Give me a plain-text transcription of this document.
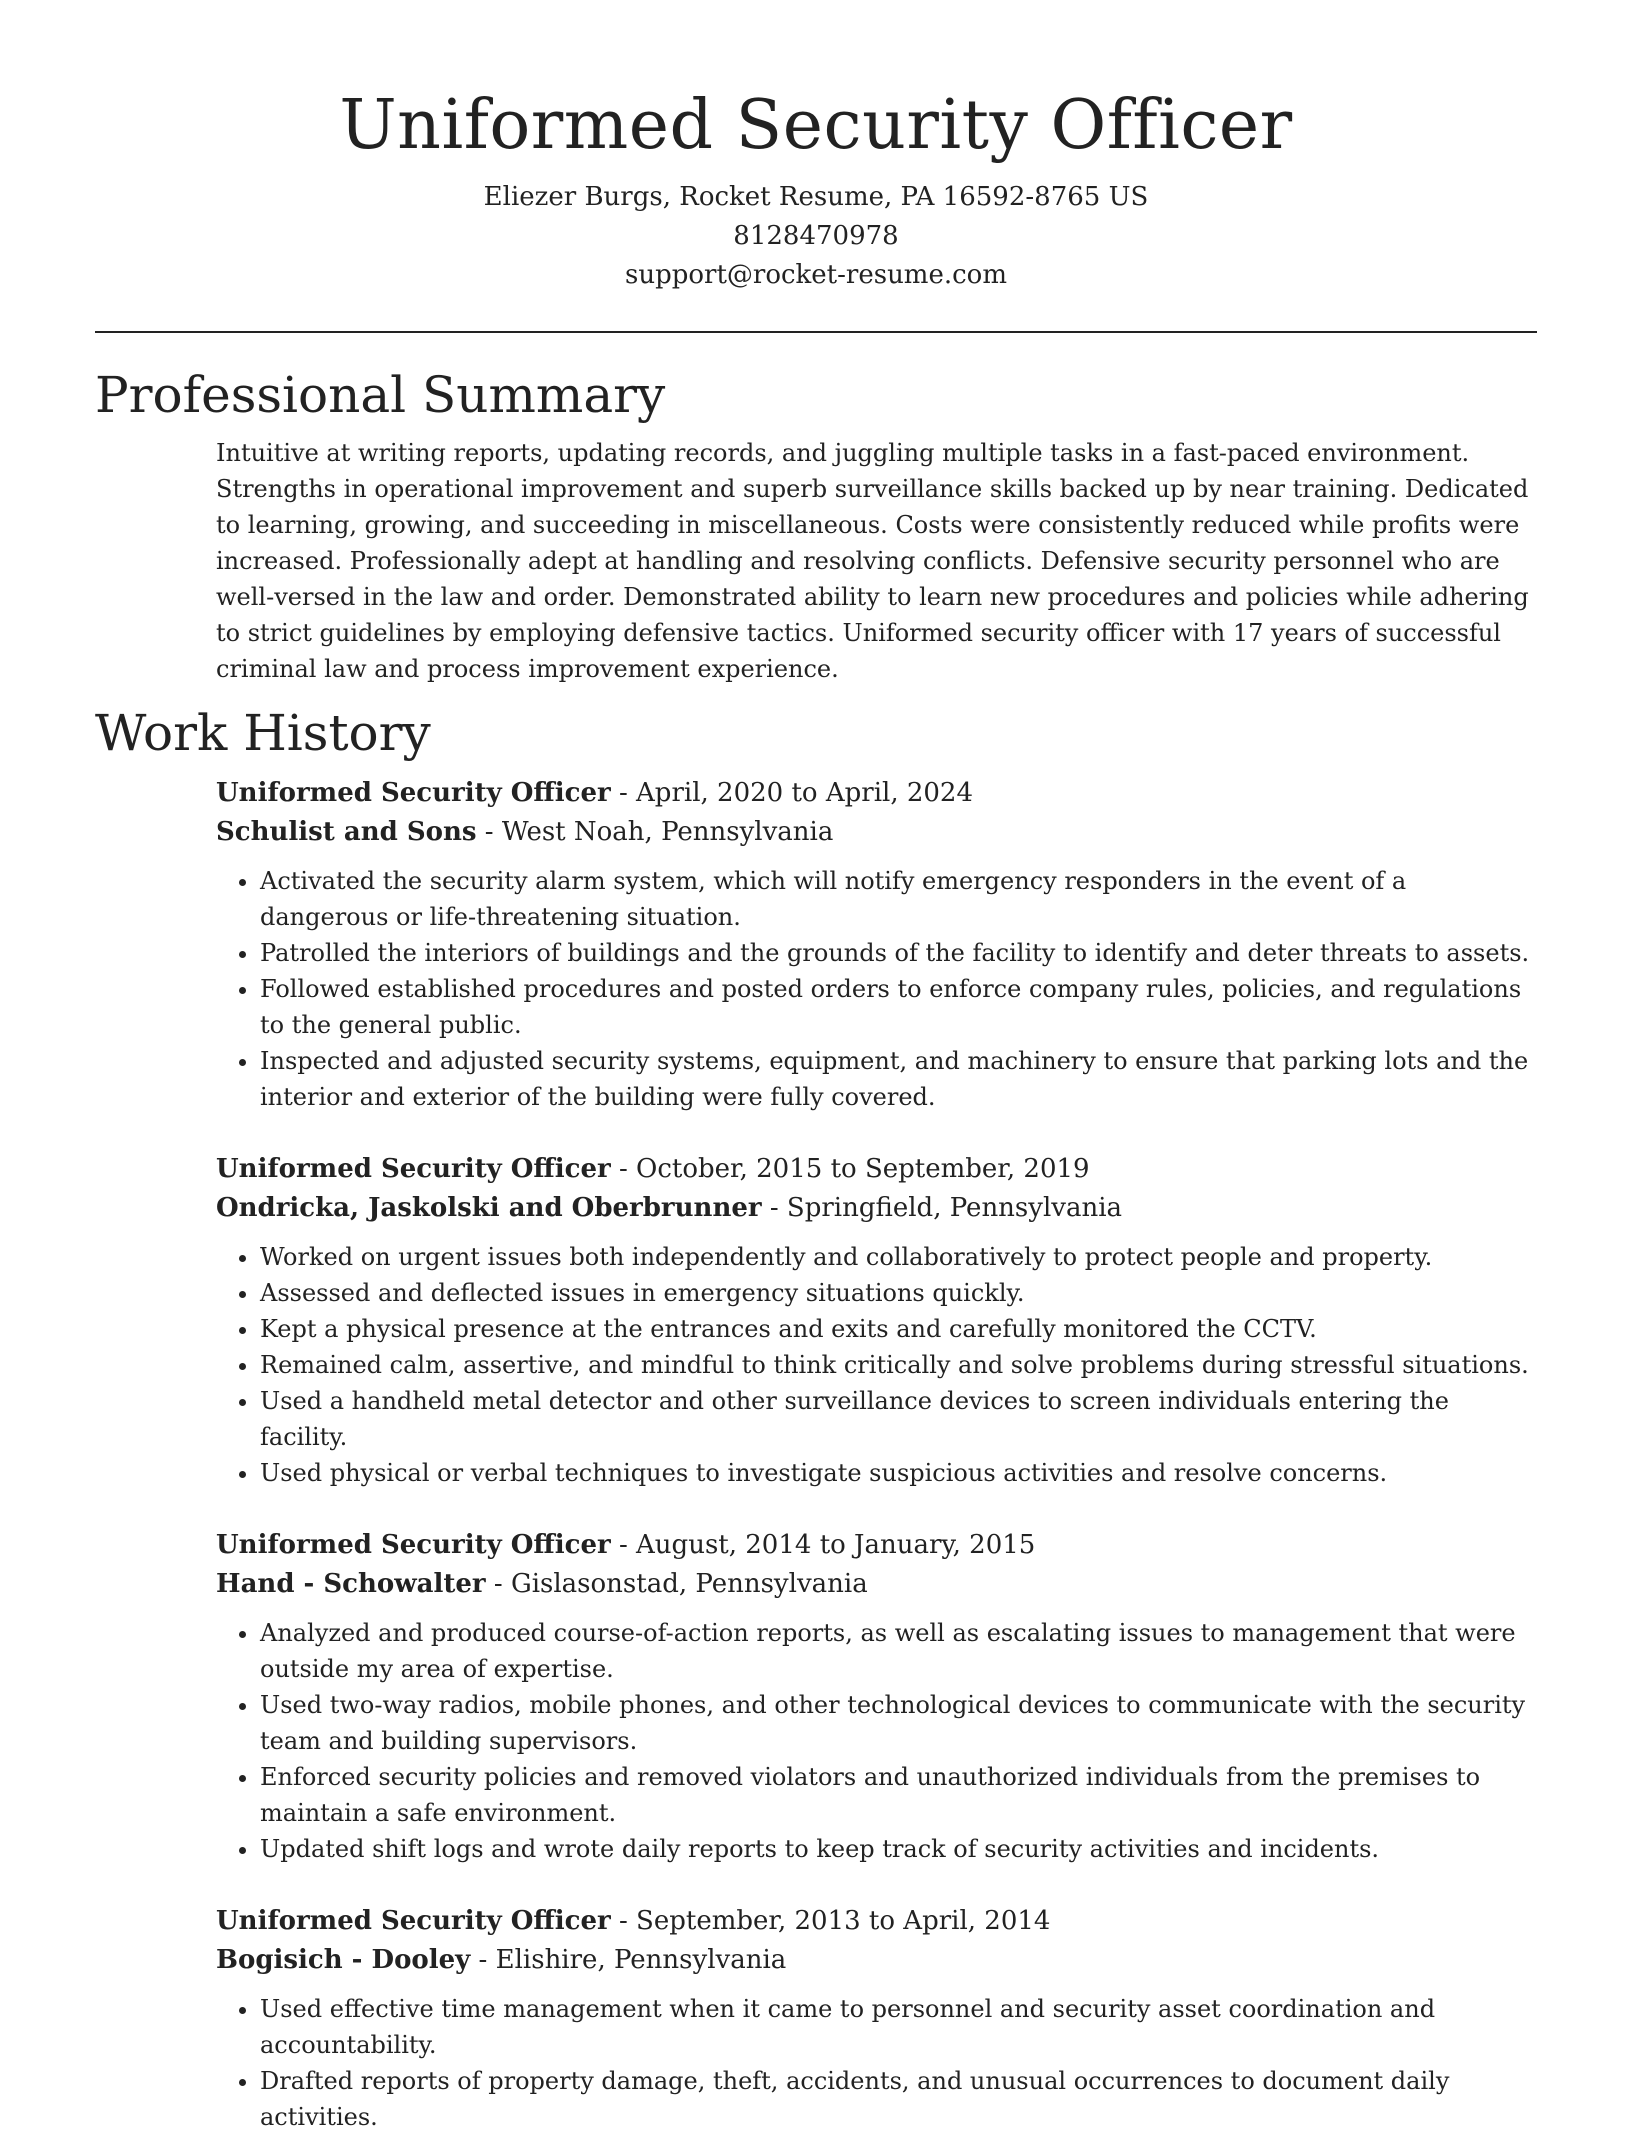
Uniformed Security Officer
Eliezer Burgs, Rocket Resume, PA 16592-8765 US
8128470978
support@rocket-resume.com
Professional Summary

Intuitive at writing reports, updating records, and juggling multiple tasks in a fast-paced environment. Strengths in operational improvement and superb surveillance skills backed up by near training. Dedicated to learning, growing, and succeeding in miscellaneous. Costs were consistently reduced while profits were increased. Professionally adept at handling and resolving conflicts. Defensive security personnel who are well-versed in the law and order. Demonstrated ability to learn new procedures and policies while adhering to strict guidelines by employing defensive tactics. Uniformed security officer with 17 years of successful criminal law and process improvement experience.

Work History
Uniformed Security Officer - April, 2020 to April, 2024
Schulist and Sons - West Noah, Pennsylvania
• Activated the security alarm system, which will notify emergency responders in the event of a dangerous or life-threatening situation.
• Patrolled the interiors of buildings and the grounds of the facility to identify and deter threats to assets.
• Followed established procedures and posted orders to enforce company rules, policies, and regulations to the general public.
• Inspected and adjusted security systems, equipment, and machinery to ensure that parking lots and the interior and exterior of the building were fully covered.
Uniformed Security Officer - October, 2015 to September, 2019
Ondricka, Jaskolski and Oberbrunner - Springfield, Pennsylvania
• Worked on urgent issues both independently and collaboratively to protect people and property.
• Assessed and deflected issues in emergency situations quickly.
• Kept a physical presence at the entrances and exits and carefully monitored the CCTV.
• Remained calm, assertive, and mindful to think critically and solve problems during stressful situations.
• Used a handheld metal detector and other surveillance devices to screen individuals entering the facility.
• Used physical or verbal techniques to investigate suspicious activities and resolve concerns.
Uniformed Security Officer - August, 2014 to January, 2015
Hand - Schowalter - Gislasonstad, Pennsylvania
• Analyzed and produced course-of-action reports, as well as escalating issues to management that were outside my area of expertise.
• Used two-way radios, mobile phones, and other technological devices to communicate with the security team and building supervisors.
• Enforced security policies and removed violators and unauthorized individuals from the premises to maintain a safe environment.
• Updated shift logs and wrote daily reports to keep track of security activities and incidents.
Uniformed Security Officer - September, 2013 to April, 2014
Bogisich - Dooley - Elishire, Pennsylvania
• Used effective time management when it came to personnel and security asset coordination and accountability.
• Drafted reports of property damage, theft, accidents, and unusual occurrences to document daily activities.
